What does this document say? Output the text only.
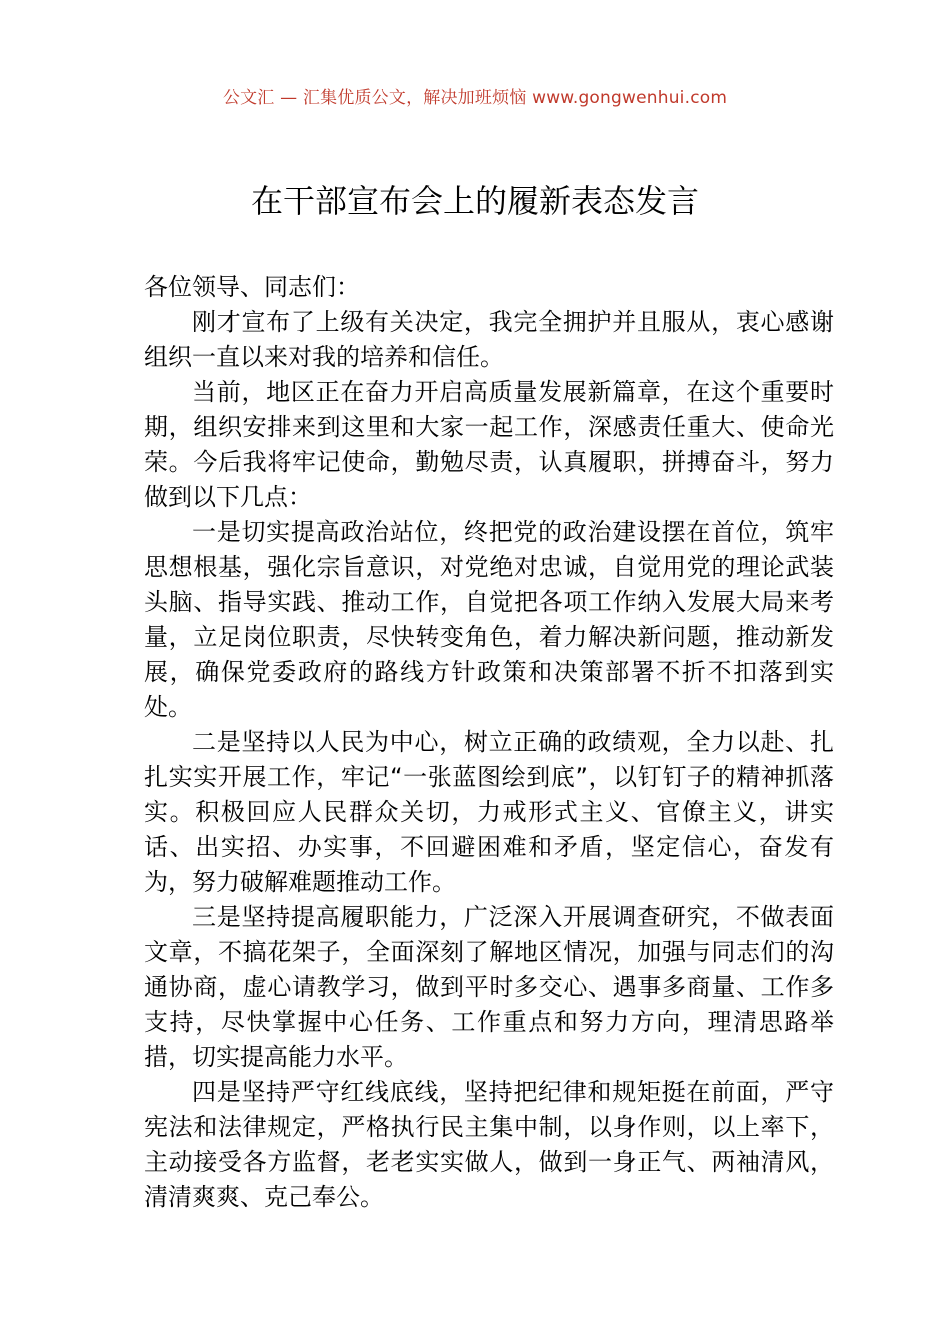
公文汇 — 汇集优质公文，解决加班烦恼 www.gongwenhui.com
在干部宣布会上的履新表态发言

各位领导、同志们：

刚才宣布了上级有关决定，我完全拥护并且服从，衷心感谢组织一直以来对我的培养和信任。

当前，地区正在奋力开启高质量发展新篇章，在这个重要时期，组织安排来到这里和大家一起工作，深感责任重大、使命光荣。今后我将牢记使命，勤勉尽责，认真履职，拼搏奋斗，努力做到以下几点：

一是切实提高政治站位，终把党的政治建设摆在首位，筑牢思想根基，强化宗旨意识，对党绝对忠诚，自觉用党的理论武装头脑、指导实践、推动工作，自觉把各项工作纳入发展大局来考量，立足岗位职责，尽快转变角色，着力解决新问题，推动新发展，确保党委政府的路线方针政策和决策部署不折不扣落到实处。

二是坚持以人民为中心，树立正确的政绩观，全力以赴、扎扎实实开展工作，牢记“一张蓝图绘到底”，以钉钉子的精神抓落实。积极回应人民群众关切，力戒形式主义、官僚主义，讲实话、出实招、办实事，不回避困难和矛盾，坚定信心，奋发有为，努力破解难题推动工作。

三是坚持提高履职能力，广泛深入开展调查研究，不做表面文章，不搞花架子，全面深刻了解地区情况，加强与同志们的沟通协商，虚心请教学习，做到平时多交心、遇事多商量、工作多支持，尽快掌握中心任务、工作重点和努力方向，理清思路举措，切实提高能力水平。

四是坚持严守红线底线，坚持把纪律和规矩挺在前面，严守宪法和法律规定，严格执行民主集中制，以身作则，以上率下，主动接受各方监督，老老实实做人，做到一身正气、两袖清风，清清爽爽、克己奉公。
